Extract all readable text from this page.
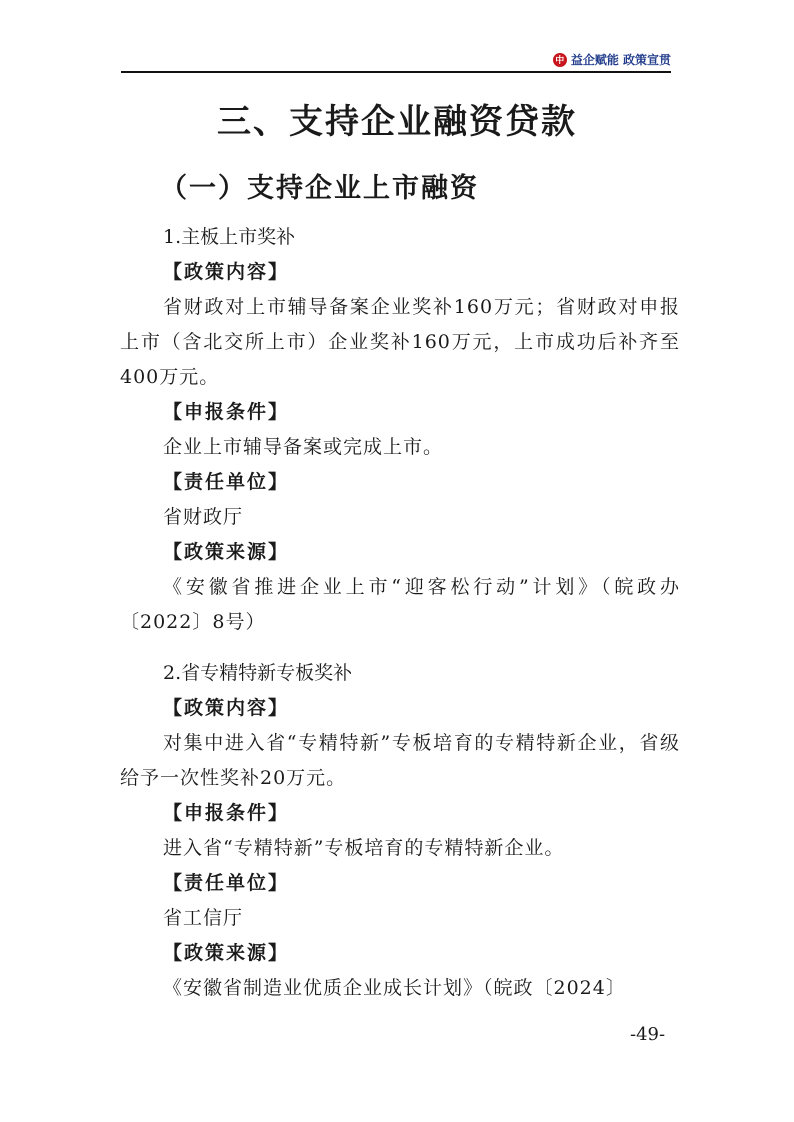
中 益企赋能 政策宣贯
三、支持企业融资贷款
（一）支持企业上市融资

1.主板上市奖补

【政策内容】

省财政对上市辅导备案企业奖补160万元；省财政对申报上市（含北交所上市）企业奖补160万元，上市成功后补齐至400万元。

【申报条件】

企业上市辅导备案或完成上市。

【责任单位】

省财政厅

【政策来源】

《安徽省推进企业上市“迎客松行动”计划》（皖政办〔2022〕8号）

2.省专精特新专板奖补

【政策内容】

对集中进入省“专精特新”专板培育的专精特新企业，省级给予一次性奖补20万元。

【申报条件】

进入省“专精特新”专板培育的专精特新企业。

【责任单位】

省工信厅

【政策来源】

《安徽省制造业优质企业成长计划》（皖政〔2024〕

-49-
